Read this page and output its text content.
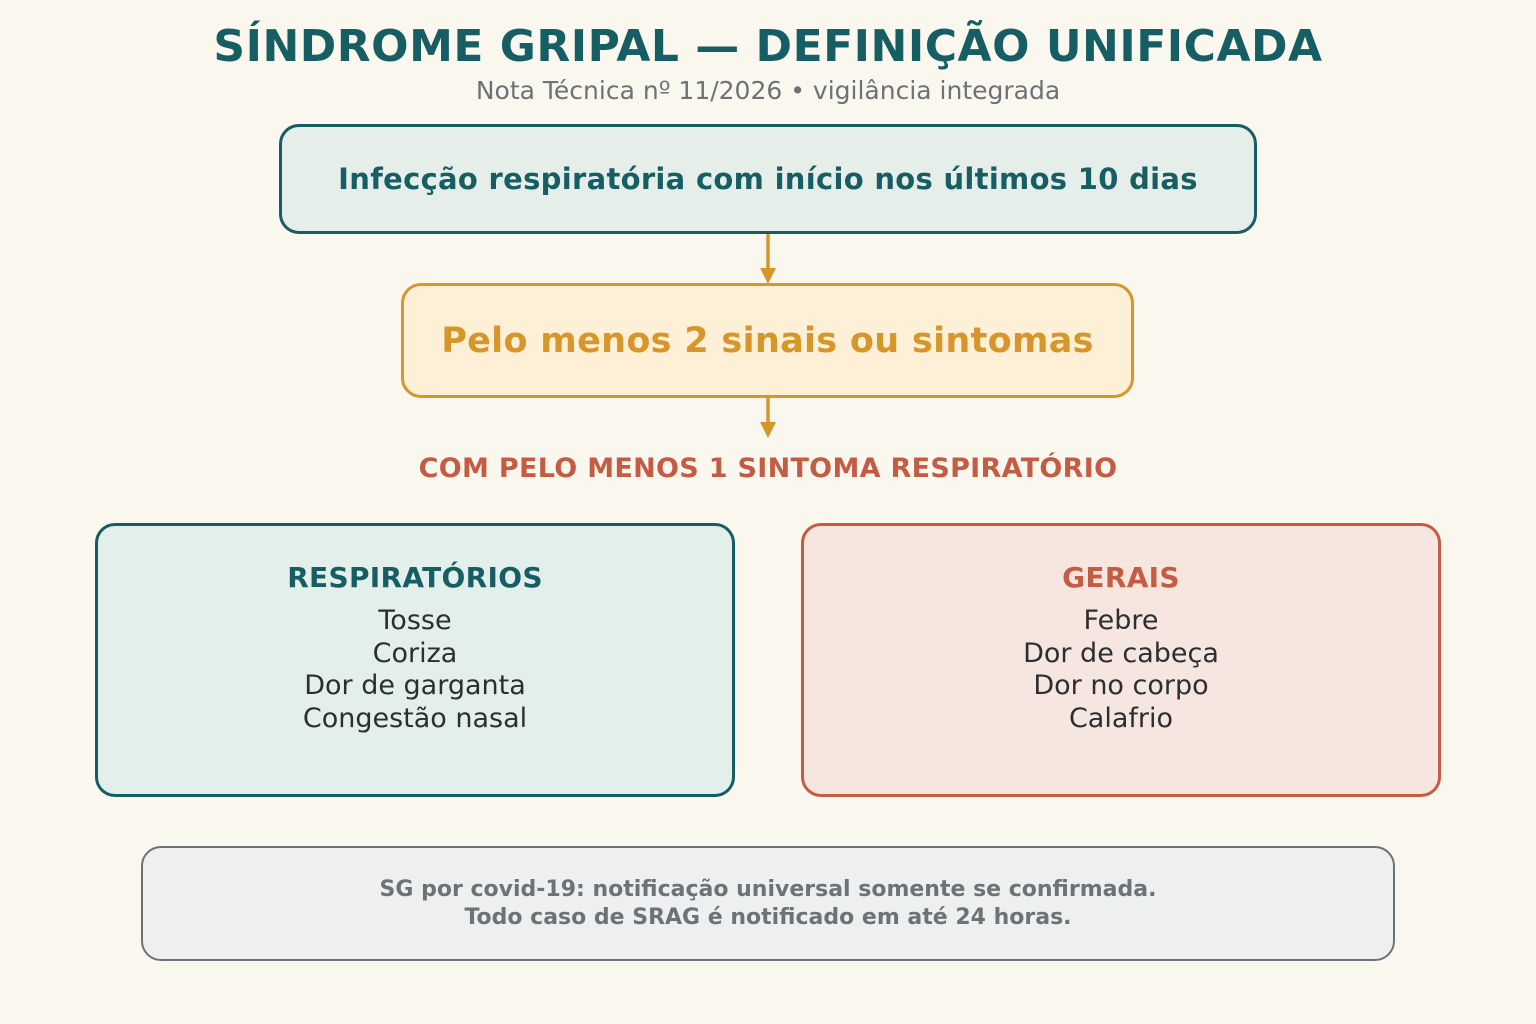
SÍNDROME GRIPAL — DEFINIÇÃO UNIFICADA
Nota Técnica nº 11/2026 • vigilância integrada
Infecção respiratória com início nos últimos 10 dias
Pelo menos 2 sinais ou sintomas
COM PELO MENOS 1 SINTOMA RESPIRATÓRIO
RESPIRATÓRIOS
Tosse
Coriza
Dor de garganta
Congestão nasal
GERAIS
Febre
Dor de cabeça
Dor no corpo
Calafrio
SG por covid-19: notificação universal somente se confirmada.
Todo caso de SRAG é notificado em até 24 horas.
